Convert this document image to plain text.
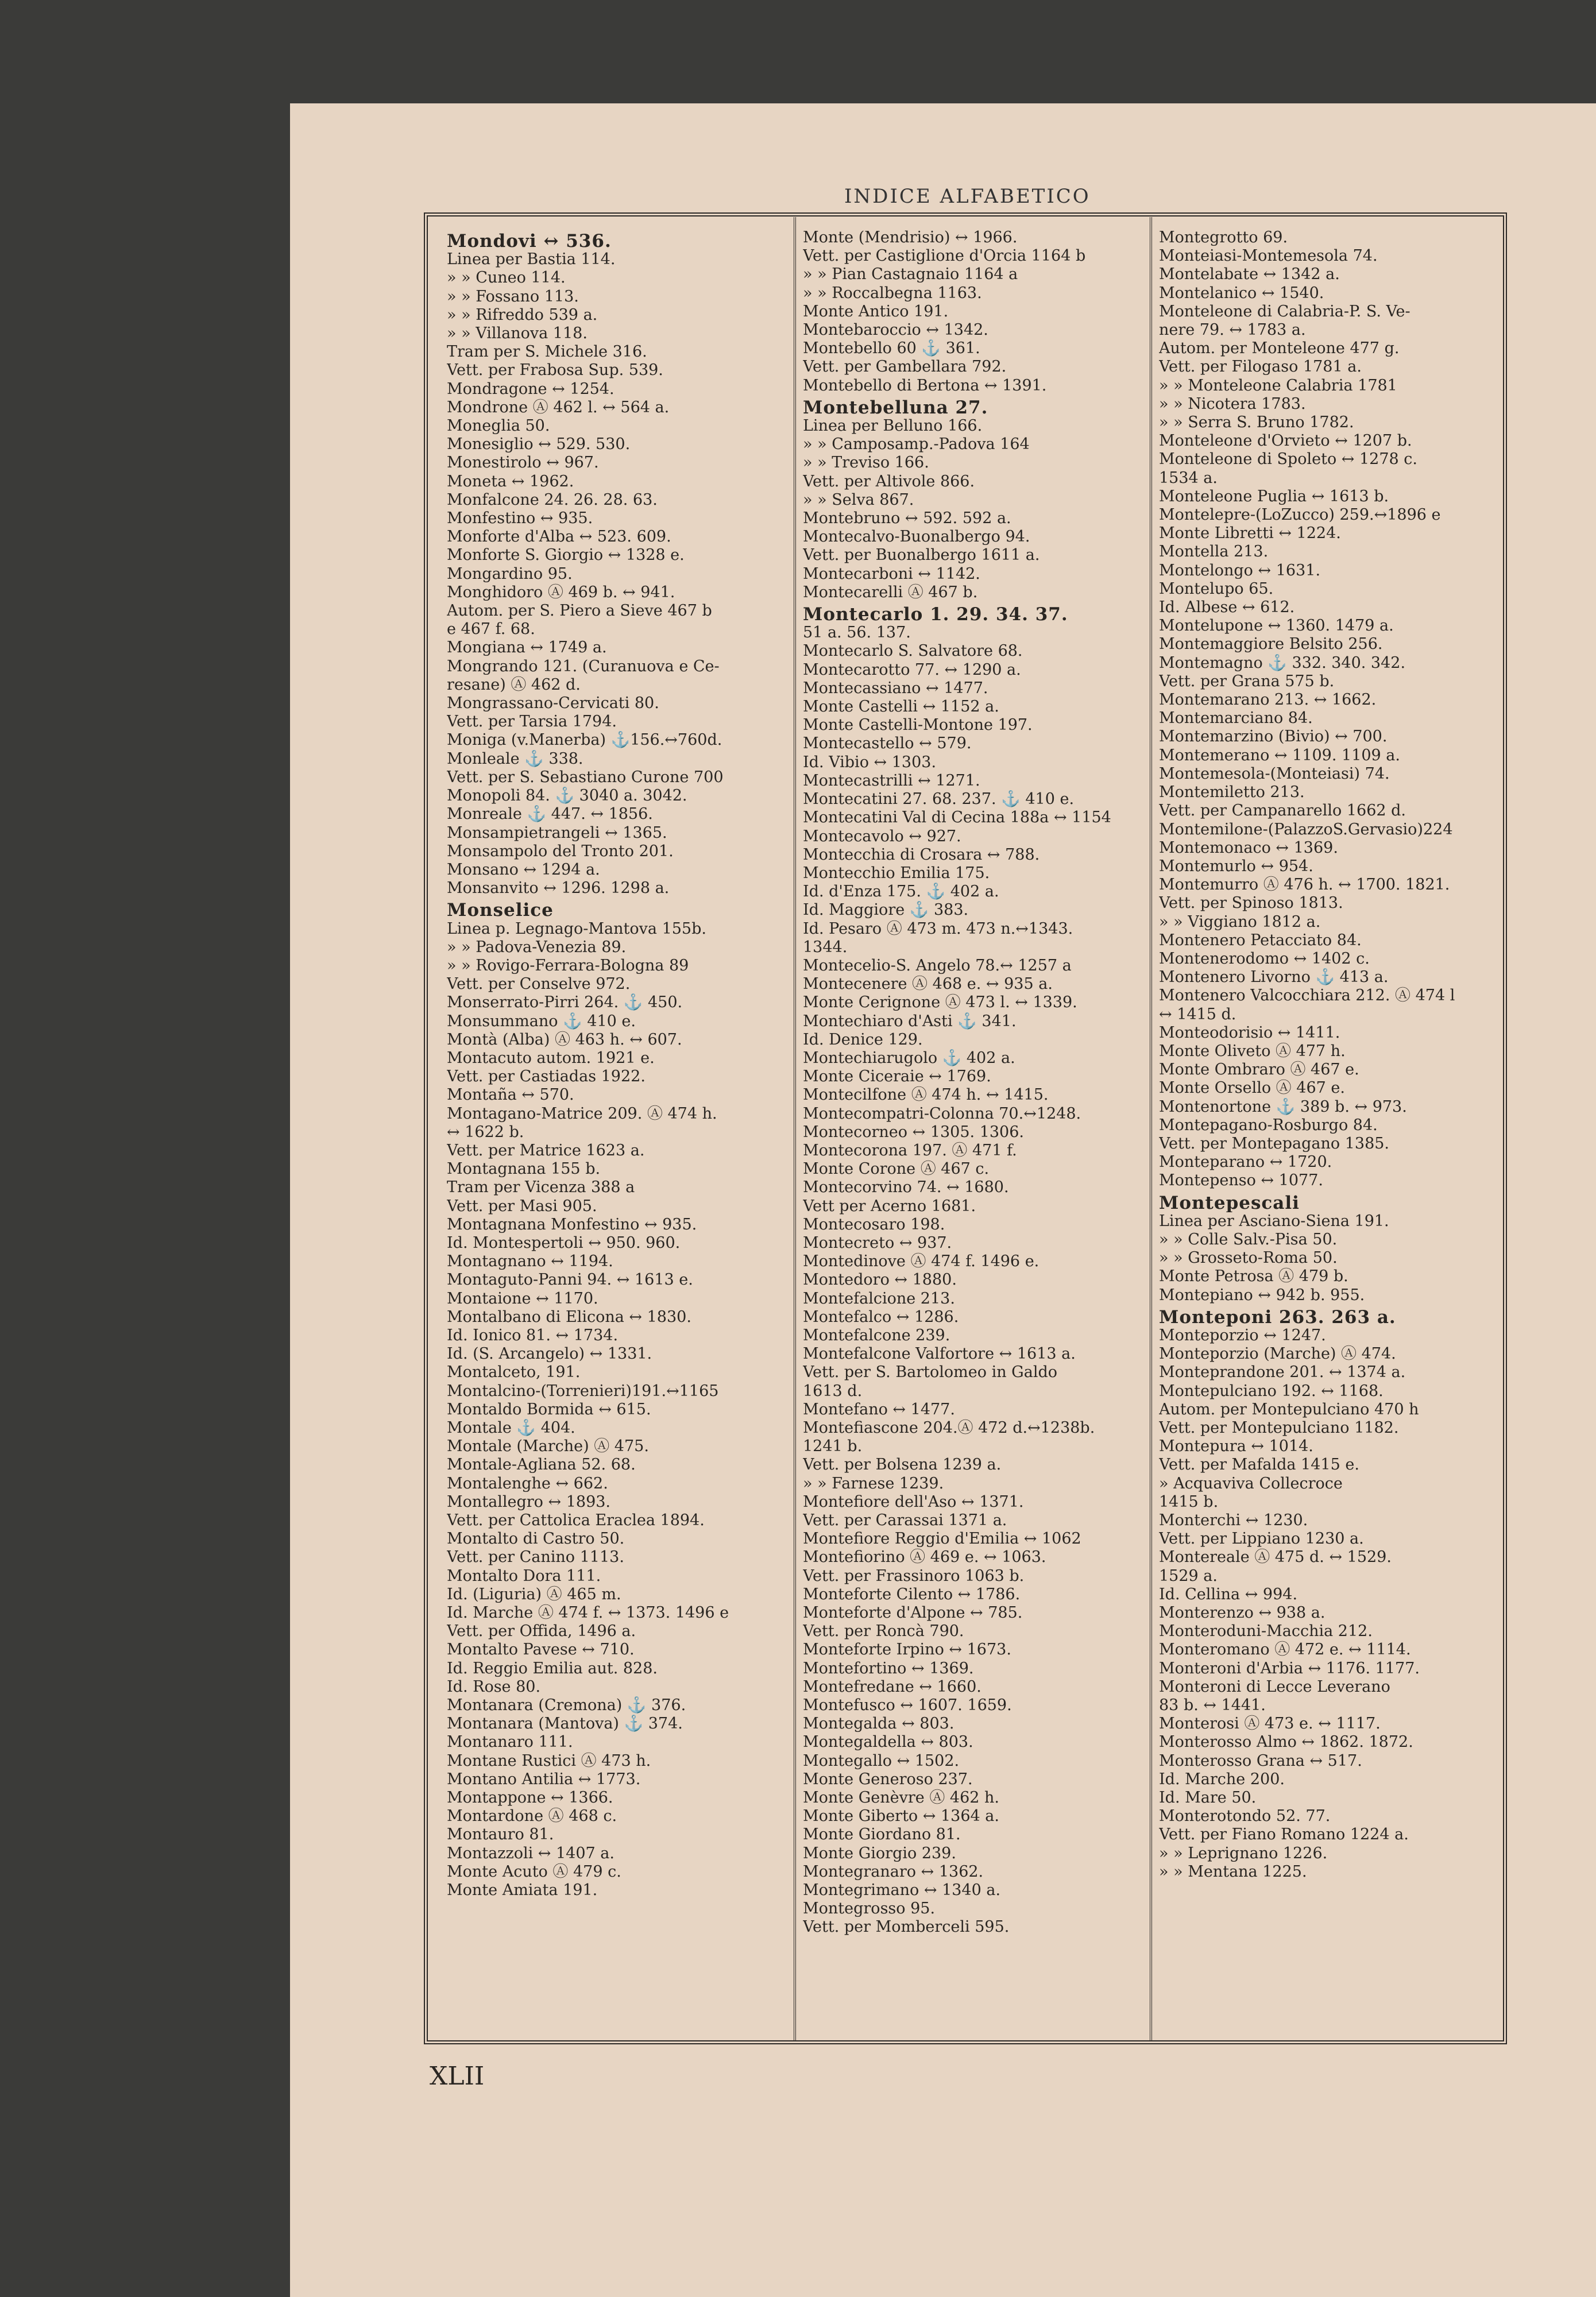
INDICE ALFABETICO
Mondovi ↔ 536.
Linea per Bastia 114.
» » Cuneo 114.
» » Fossano 113.
» » Rifreddo 539 a.
» » Villanova 118.
Tram per S. Michele 316.
Vett. per Frabosa Sup. 539.
Mondragone ↔ 1254.
Mondrone Ⓐ 462 l. ↔ 564 a.
Moneglia 50.
Monesiglio ↔ 529. 530.
Monestirolo ↔ 967.
Moneta ↔ 1962.
Monfalcone 24. 26. 28. 63.
Monfestino ↔ 935.
Monforte d'Alba ↔ 523. 609.
Monforte S. Giorgio ↔ 1328 e.
Mongardino 95.
Monghidoro Ⓐ 469 b. ↔ 941.
Autom. per S. Piero a Sieve 467 b
e 467 f. 68.
Mongiana ↔ 1749 a.
Mongrando 121. (Curanuova e Ce-
resane) Ⓐ 462 d.
Mongrassano-Cervicati 80.
Vett. per Tarsia 1794.
Moniga (v.Manerba) ⚓156.↔760d.
Monleale ⚓ 338.
Vett. per S. Sebastiano Curone 700
Monopoli 84. ⚓ 3040 a. 3042.
Monreale ⚓ 447. ↔ 1856.
Monsampietrangeli ↔ 1365.
Monsampolo del Tronto 201.
Monsano ↔ 1294 a.
Monsanvito ↔ 1296. 1298 a.
Monselice
Linea p. Legnago-Mantova 155b.
» » Padova-Venezia 89.
» » Rovigo-Ferrara-Bologna 89
Vett. per Conselve 972.
Monserrato-Pirri 264. ⚓ 450.
Monsummano ⚓ 410 e.
Montà (Alba) Ⓐ 463 h. ↔ 607.
Montacuto autom. 1921 e.
Vett. per Castiadas 1922.
Montaña ↔ 570.
Montagano-Matrice 209. Ⓐ 474 h.
↔ 1622 b.
Vett. per Matrice 1623 a.
Montagnana 155 b.
Tram per Vicenza 388 a
Vett. per Masi 905.
Montagnana Monfestino ↔ 935.
Id. Montespertoli ↔ 950. 960.
Montagnano ↔ 1194.
Montaguto-Panni 94. ↔ 1613 e.
Montaione ↔ 1170.
Montalbano di Elicona ↔ 1830.
Id. Ionico 81. ↔ 1734.
Id. (S. Arcangelo) ↔ 1331.
Montalceto, 191.
Montalcino-(Torrenieri)191.↔1165
Montaldo Bormida ↔ 615.
Montale ⚓ 404.
Montale (Marche) Ⓐ 475.
Montale-Agliana 52. 68.
Montalenghe ↔ 662.
Montallegro ↔ 1893.
Vett. per Cattolica Eraclea 1894.
Montalto di Castro 50.
Vett. per Canino 1113.
Montalto Dora 111.
Id. (Liguria) Ⓐ 465 m.
Id. Marche Ⓐ 474 f. ↔ 1373. 1496 e
Vett. per Offida, 1496 a.
Montalto Pavese ↔ 710.
Id. Reggio Emilia aut. 828.
Id. Rose 80.
Montanara (Cremona) ⚓ 376.
Montanara (Mantova) ⚓ 374.
Montanaro 111.
Montane Rustici Ⓐ 473 h.
Montano Antilia ↔ 1773.
Montappone ↔ 1366.
Montardone Ⓐ 468 c.
Montauro 81.
Montazzoli ↔ 1407 a.
Monte Acuto Ⓐ 479 c.
Monte Amiata 191.
Monte (Mendrisio) ↔ 1966.
Vett. per Castiglione d'Orcia 1164 b
» » Pian Castagnaio 1164 a
» » Roccalbegna 1163.
Monte Antico 191.
Montebaroccio ↔ 1342.
Montebello 60 ⚓ 361.
Vett. per Gambellara 792.
Montebello di Bertona ↔ 1391.
Montebelluna 27.
Linea per Belluno 166.
» » Camposamp.-Padova 164
» » Treviso 166.
Vett. per Altivole 866.
» » Selva 867.
Montebruno ↔ 592. 592 a.
Montecalvo-Buonalbergo 94.
Vett. per Buonalbergo 1611 a.
Montecarboni ↔ 1142.
Montecarelli Ⓐ 467 b.
Montecarlo 1. 29. 34. 37.
51 a. 56. 137.
Montecarlo S. Salvatore 68.
Montecarotto 77. ↔ 1290 a.
Montecassiano ↔ 1477.
Monte Castelli ↔ 1152 a.
Monte Castelli-Montone 197.
Montecastello ↔ 579.
Id. Vibio ↔ 1303.
Montecastrilli ↔ 1271.
Montecatini 27. 68. 237. ⚓ 410 e.
Montecatini Val di Cecina 188a ↔ 1154
Montecavolo ↔ 927.
Montecchia di Crosara ↔ 788.
Montecchio Emilia 175.
Id. d'Enza 175. ⚓ 402 a.
Id. Maggiore ⚓ 383.
Id. Pesaro Ⓐ 473 m. 473 n.↔1343.
1344.
Montecelio-S. Angelo 78.↔ 1257 a
Montecenere Ⓐ 468 e. ↔ 935 a.
Monte Cerignone Ⓐ 473 l. ↔ 1339.
Montechiaro d'Asti ⚓ 341.
Id. Denice 129.
Montechiarugolo ⚓ 402 a.
Monte Ciceraie ↔ 1769.
Montecilfone Ⓐ 474 h. ↔ 1415.
Montecompatri-Colonna 70.↔1248.
Montecorneo ↔ 1305. 1306.
Montecorona 197. Ⓐ 471 f.
Monte Corone Ⓐ 467 c.
Montecorvino 74. ↔ 1680.
Vett per Acerno 1681.
Montecosaro 198.
Montecreto ↔ 937.
Montedinove Ⓐ 474 f. 1496 e.
Montedoro ↔ 1880.
Montefalcione 213.
Montefalco ↔ 1286.
Montefalcone 239.
Montefalcone Valfortore ↔ 1613 a.
Vett. per S. Bartolomeo in Galdo
1613 d.
Montefano ↔ 1477.
Montefiascone 204.Ⓐ 472 d.↔1238b.
1241 b.
Vett. per Bolsena 1239 a.
» » Farnese 1239.
Montefiore dell'Aso ↔ 1371.
Vett. per Carassai 1371 a.
Montefiore Reggio d'Emilia ↔ 1062
Montefiorino Ⓐ 469 e. ↔ 1063.
Vett. per Frassinoro 1063 b.
Monteforte Cilento ↔ 1786.
Monteforte d'Alpone ↔ 785.
Vett. per Roncà 790.
Monteforte Irpino ↔ 1673.
Montefortino ↔ 1369.
Montefredane ↔ 1660.
Montefusco ↔ 1607. 1659.
Montegalda ↔ 803.
Montegaldella ↔ 803.
Montegallo ↔ 1502.
Monte Generoso 237.
Monte Genèvre Ⓐ 462 h.
Monte Giberto ↔ 1364 a.
Monte Giordano 81.
Monte Giorgio 239.
Montegranaro ↔ 1362.
Montegrimano ↔ 1340 a.
Montegrosso 95.
Vett. per Momberceli 595.
Montegrotto 69.
Monteiasi-Montemesola 74.
Montelabate ↔ 1342 a.
Montelanico ↔ 1540.
Monteleone di Calabria-P. S. Ve-
nere 79. ↔ 1783 a.
Autom. per Monteleone 477 g.
Vett. per Filogaso 1781 a.
» » Monteleone Calabria 1781
» » Nicotera 1783.
» » Serra S. Bruno 1782.
Monteleone d'Orvieto ↔ 1207 b.
Monteleone di Spoleto ↔ 1278 c.
1534 a.
Monteleone Puglia ↔ 1613 b.
Montelepre-(LoZucco) 259.↔1896 e
Monte Libretti ↔ 1224.
Montella 213.
Montelongo ↔ 1631.
Montelupo 65.
Id. Albese ↔ 612.
Montelupone ↔ 1360. 1479 a.
Montemaggiore Belsito 256.
Montemagno ⚓ 332. 340. 342.
Vett. per Grana 575 b.
Montemarano 213. ↔ 1662.
Montemarciano 84.
Montemarzino (Bivio) ↔ 700.
Montemerano ↔ 1109. 1109 a.
Montemesola-(Monteiasi) 74.
Montemiletto 213.
Vett. per Campanarello 1662 d.
Montemilone-(PalazzoS.Gervasio)224
Montemonaco ↔ 1369.
Montemurlo ↔ 954.
Montemurro Ⓐ 476 h. ↔ 1700. 1821.
Vett. per Spinoso 1813.
» » Viggiano 1812 a.
Montenero Petacciato 84.
Montenerodomo ↔ 1402 c.
Montenero Livorno ⚓ 413 a.
Montenero Valcocchiara 212. Ⓐ 474 l
↔ 1415 d.
Monteodorisio ↔ 1411.
Monte Oliveto Ⓐ 477 h.
Monte Ombraro Ⓐ 467 e.
Monte Orsello Ⓐ 467 e.
Montenortone ⚓ 389 b. ↔ 973.
Montepagano-Rosburgo 84.
Vett. per Montepagano 1385.
Monteparano ↔ 1720.
Montepenso ↔ 1077.
Montepescali
Linea per Asciano-Siena 191.
» » Colle Salv.-Pisa 50.
» » Grosseto-Roma 50.
Monte Petrosa Ⓐ 479 b.
Montepiano ↔ 942 b. 955.
Monteponi 263. 263 a.
Monteporzio ↔ 1247.
Monteporzio (Marche) Ⓐ 474.
Monteprandone 201. ↔ 1374 a.
Montepulciano 192. ↔ 1168.
Autom. per Montepulciano 470 h
Vett. per Montepulciano 1182.
Montepura ↔ 1014.
Vett. per Mafalda 1415 e.
» Acquaviva Collecroce
1415 b.
Monterchi ↔ 1230.
Vett. per Lippiano 1230 a.
Montereale Ⓐ 475 d. ↔ 1529.
1529 a.
Id. Cellina ↔ 994.
Monterenzo ↔ 938 a.
Monteroduni-Macchia 212.
Monteromano Ⓐ 472 e. ↔ 1114.
Monteroni d'Arbia ↔ 1176. 1177.
Monteroni di Lecce Leverano
83 b. ↔ 1441.
Monterosi Ⓐ 473 e. ↔ 1117.
Monterosso Almo ↔ 1862. 1872.
Monterosso Grana ↔ 517.
Id. Marche 200.
Id. Mare 50.
Monterotondo 52. 77.
Vett. per Fiano Romano 1224 a.
» » Leprignano 1226.
» » Mentana 1225.
XLII
